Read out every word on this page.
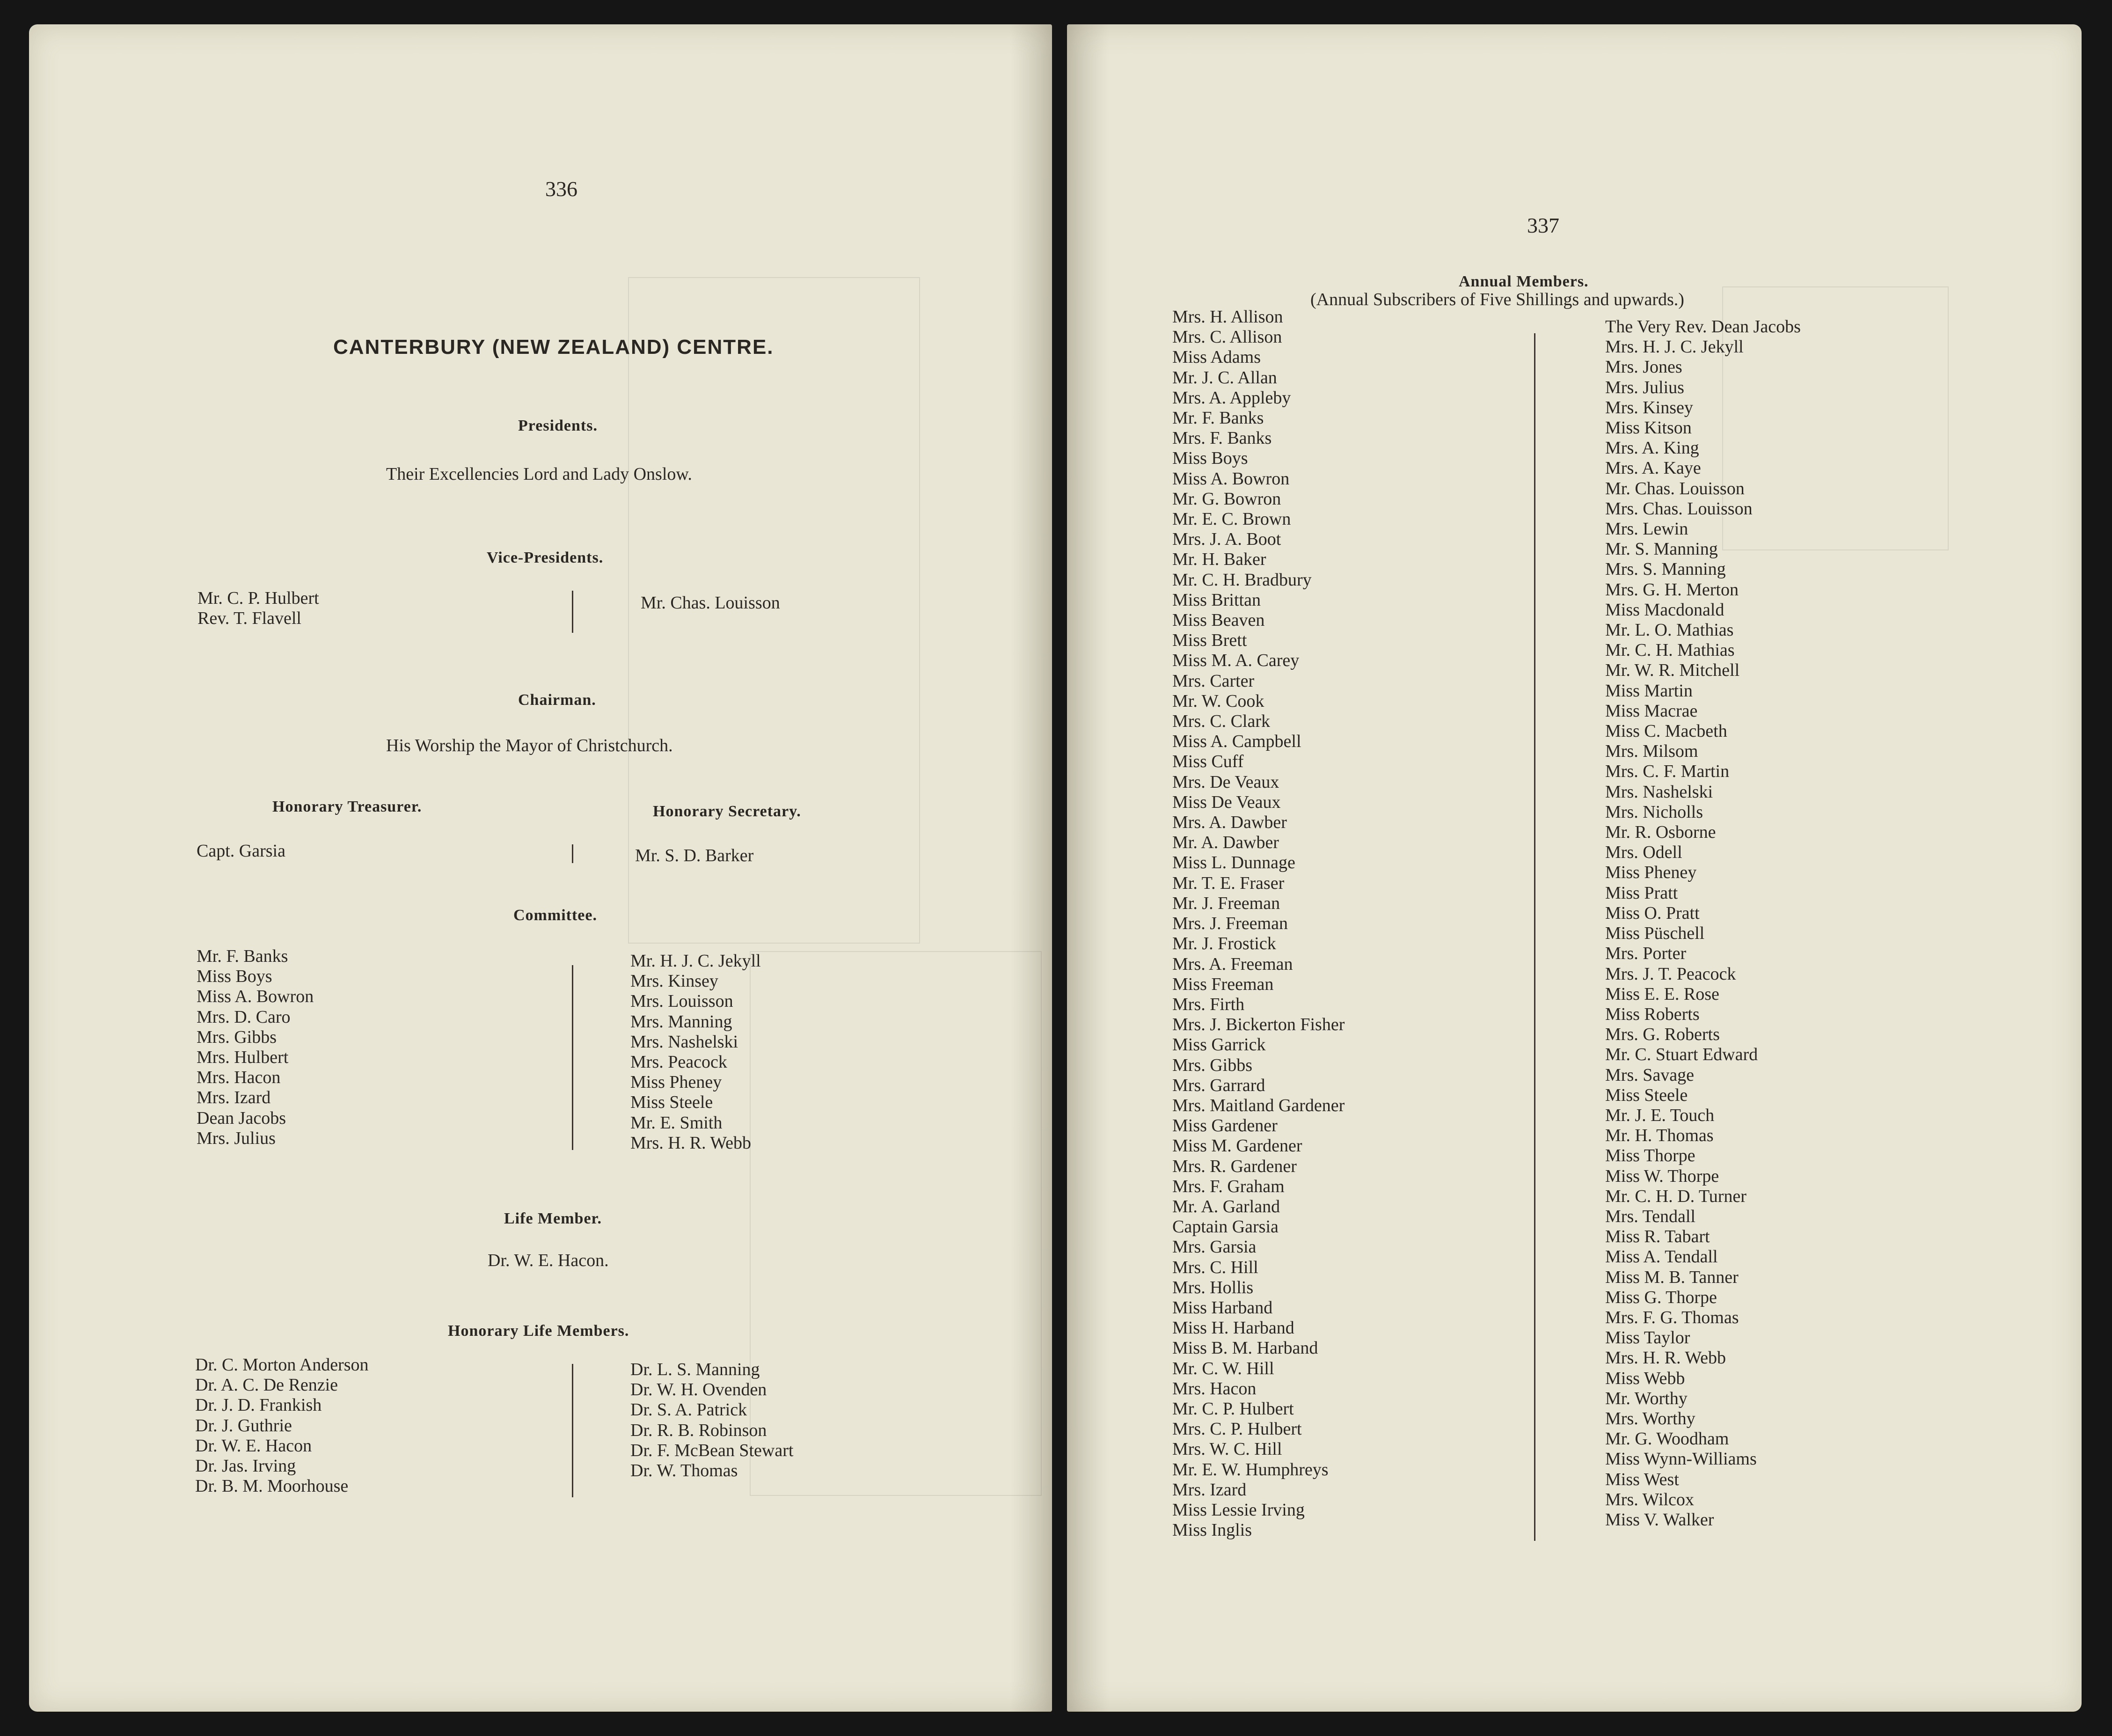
336
CANTERBURY (NEW ZEALAND) CENTRE.
Presidents.
Their Excellencies Lord and Lady Onslow.
Vice-Presidents.
Mr. C. P. Hulbert
Rev. T. Flavell
Mr. Chas. Louisson
Chairman.
His Worship the Mayor of Christchurch.
Honorary Treasurer.	Honorary Secretary.
Capt. Garsia	Mr. S. D. Barker
Committee.
Mr. F. Banks
Miss Boys
Miss A. Bowron
Mrs. D. Caro
Mrs. Gibbs
Mrs. Hulbert
Mrs. Hacon
Mrs. Izard
Dean Jacobs
Mrs. Julius
Mr. H. J. C. Jekyll
Mrs. Kinsey
Mrs. Louisson
Mrs. Manning
Mrs. Nashelski
Mrs. Peacock
Miss Pheney
Miss Steele
Mr. E. Smith
Mrs. H. R. Webb
Life Member.
Dr. W. E. Hacon.
Honorary Life Members.
Dr. C. Morton Anderson
Dr. A. C. De Renzie
Dr. J. D. Frankish
Dr. J. Guthrie
Dr. W. E. Hacon
Dr. Jas. Irving
Dr. B. M. Moorhouse
Dr. L. S. Manning
Dr. W. H. Ovenden
Dr. S. A. Patrick
Dr. R. B. Robinson
Dr. F. McBean Stewart
Dr. W. Thomas
337
Annual Members.
(Annual Subscribers of Five Shillings and upwards.)
Mrs. H. Allison
Mrs. C. Allison
Miss Adams
Mr. J. C. Allan
Mrs. A. Appleby
Mr. F. Banks
Mrs. F. Banks
Miss Boys
Miss A. Bowron
Mr. G. Bowron
Mr. E. C. Brown
Mrs. J. A. Boot
Mr. H. Baker
Mr. C. H. Bradbury
Miss Brittan
Miss Beaven
Miss Brett
Miss M. A. Carey
Mrs. Carter
Mr. W. Cook
Mrs. C. Clark
Miss A. Campbell
Miss Cuff
Mrs. De Veaux
Miss De Veaux
Mrs. A. Dawber
Mr. A. Dawber
Miss L. Dunnage
Mr. T. E. Fraser
Mr. J. Freeman
Mrs. J. Freeman
Mr. J. Frostick
Mrs. A. Freeman
Miss Freeman
Mrs. Firth
Mrs. J. Bickerton Fisher
Miss Garrick
Mrs. Gibbs
Mrs. Garrard
Mrs. Maitland Gardener
Miss Gardener
Miss M. Gardener
Mrs. R. Gardener
Mrs. F. Graham
Mr. A. Garland
Captain Garsia
Mrs. Garsia
Mrs. C. Hill
Mrs. Hollis
Miss Harband
Miss H. Harband
Miss B. M. Harband
Mr. C. W. Hill
Mrs. Hacon
Mr. C. P. Hulbert
Mrs. C. P. Hulbert
Mrs. W. C. Hill
Mr. E. W. Humphreys
Mrs. Izard
Miss Lessie Irving
Miss Inglis
The Very Rev. Dean Jacobs
Mrs. H. J. C. Jekyll
Mrs. Jones
Mrs. Julius
Mrs. Kinsey
Miss Kitson
Mrs. A. King
Mrs. A. Kaye
Mr. Chas. Louisson
Mrs. Chas. Louisson
Mrs. Lewin
Mr. S. Manning
Mrs. S. Manning
Mrs. G. H. Merton
Miss Macdonald
Mr. L. O. Mathias
Mr. C. H. Mathias
Mr. W. R. Mitchell
Miss Martin
Miss Macrae
Miss C. Macbeth
Mrs. Milsom
Mrs. C. F. Martin
Mrs. Nashelski
Mrs. Nicholls
Mr. R. Osborne
Mrs. Odell
Miss Pheney
Miss Pratt
Miss O. Pratt
Miss Püschell
Mrs. Porter
Mrs. J. T. Peacock
Miss E. E. Rose
Miss Roberts
Mrs. G. Roberts
Mr. C. Stuart Edward
Mrs. Savage
Miss Steele
Mr. J. E. Touch
Mr. H. Thomas
Miss Thorpe
Miss W. Thorpe
Mr. C. H. D. Turner
Mrs. Tendall
Miss R. Tabart
Miss A. Tendall
Miss M. B. Tanner
Miss G. Thorpe
Mrs. F. G. Thomas
Miss Taylor
Mrs. H. R. Webb
Miss Webb
Mr. Worthy
Mrs. Worthy
Mr. G. Woodham
Miss Wynn-Williams
Miss West
Mrs. Wilcox
Miss V. Walker
